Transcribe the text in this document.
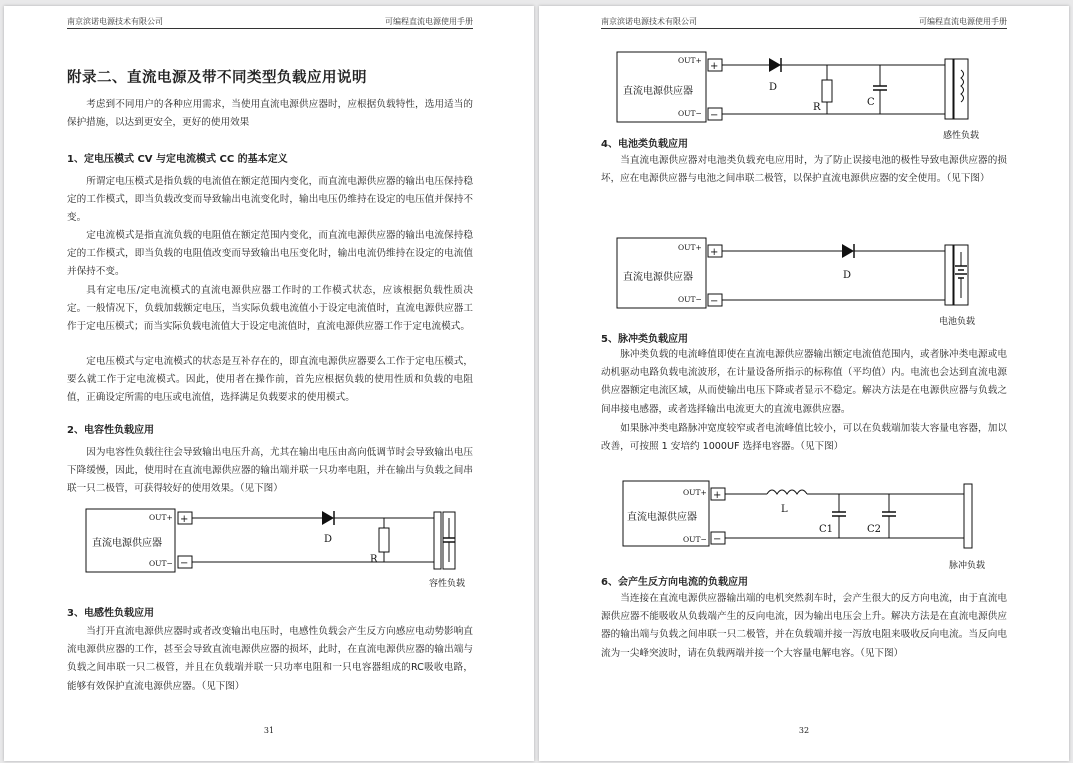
南京滨诺电源技术有限公司	可编程直流电源使用手册
附录二、直流电源及带不同类型负载应用说明

考虑到不同用户的各种应用需求，当使用直流电源供应器时，应根据负载特性，选用适当的保护措施，以达到更安全，更好的使用效果

1、定电压模式 CV 与定电流模式 CC 的基本定义

所谓定电压模式是指负载的电流值在额定范围内变化，而直流电源供应器的输出电压保持稳定的工作模式，即当负载改变而导致输出电流变化时，输出电压仍维持在设定的电压值并保持不变。

定电流模式是指直流负载的电阻值在额定范围内变化，而直流电源供应器的输出电流保持稳定的工作模式，即当负载的电阻值改变而导致输出电压变化时，输出电流仍维持在设定的电流值并保持不变。

具有定电压/定电流模式的直流电源供应器工作时的工作模式状态，应该根据负载性质决定。一般情况下，负载加载额定电压，当实际负载电流值小于设定电流值时，直流电源供应器工作于定电压模式；而当实际负载电流值大于设定电流值时，直流电源供应器工作于定电流模式。

定电压模式与定电流模式的状态是互补存在的，即直流电源供应器要么工作于定电压模式，要么就工作于定电流模式。因此，使用者在操作前，首先应根据负载的使用性质和负载的电阻值，正确设定所需的电压或电流值，选择满足负载要求的使用模式。

2、电容性负载应用

因为电容性负载往往会导致输出电压升高，尤其在输出电压由高向低调节时会导致输出电压下降缓慢，因此，使用时在直流电源供应器的输出端并联一只功率电阻，并在输出与负载之间串联一只二极管，可获得较好的使用效果。（见下图）

直流电源供应器
OUT+
OUT−
+
−
D
R
容性负载
3、电感性负载应用

当打开直流电源供应器时或者改变输出电压时，电感性负载会产生反方向感应电动势影响直流电源供应器的工作，甚至会导致直流电源供应器的损坏，此时，在直流电源供应器的输出端与负载之间串联一只二极管，并且在负载端并联一只功率电阻和一只电容器组成的RC吸收电路，能够有效保护直流电源供应器。（见下图）

31
南京滨诺电源技术有限公司	可编程直流电源使用手册
直流电源供应器
OUT+
OUT−
+
−
D
R	C
感性负载
4、电池类负载应用

当直流电源供应器对电池类负载充电应用时，为了防止误接电池的极性导致电源供应器的损坏，应在电源供应器与电池之间串联二极管，以保护直流电源供应器的安全使用。（见下图）

直流电源供应器
OUT+
OUT−
+
−
D
电池负载
5、脉冲类负载应用

脉冲类负载的电流峰值即使在直流电源供应器输出额定电流值范围内，或者脉冲类电源或电动机驱动电路负载电流波形，在计量设备所指示的标称值（平均值）内。电流也会达到直流电源供应器额定电流区域，从而使输出电压下降或者显示不稳定。解决方法是在电源供应器与负载之间串接电感器，或者选择输出电流更大的直流电源供应器。

如果脉冲类电路脉冲宽度较窄或者电流峰值比较小，可以在负载端加装大容量电容器，加以改善，可按照 1 安培约 1000UF 选择电容器。（见下图）

直流电源供应器
OUT+
OUT−
+
−
L
C1	C2
脉冲负载
6、会产生反方向电流的负载应用

当连接在直流电源供应器输出端的电机突然刹车时，会产生很大的反方向电流，由于直流电源供应器不能吸收从负载端产生的反向电流，因为输出电压会上升。解决方法是在直流电源供应器的输出端与负载之间串联一只二极管，并在负载端并接一泻放电阻来吸收反向电流。当反向电流为一尖峰突波时，请在负载两端并接一个大容量电解电容。（见下图）

32
